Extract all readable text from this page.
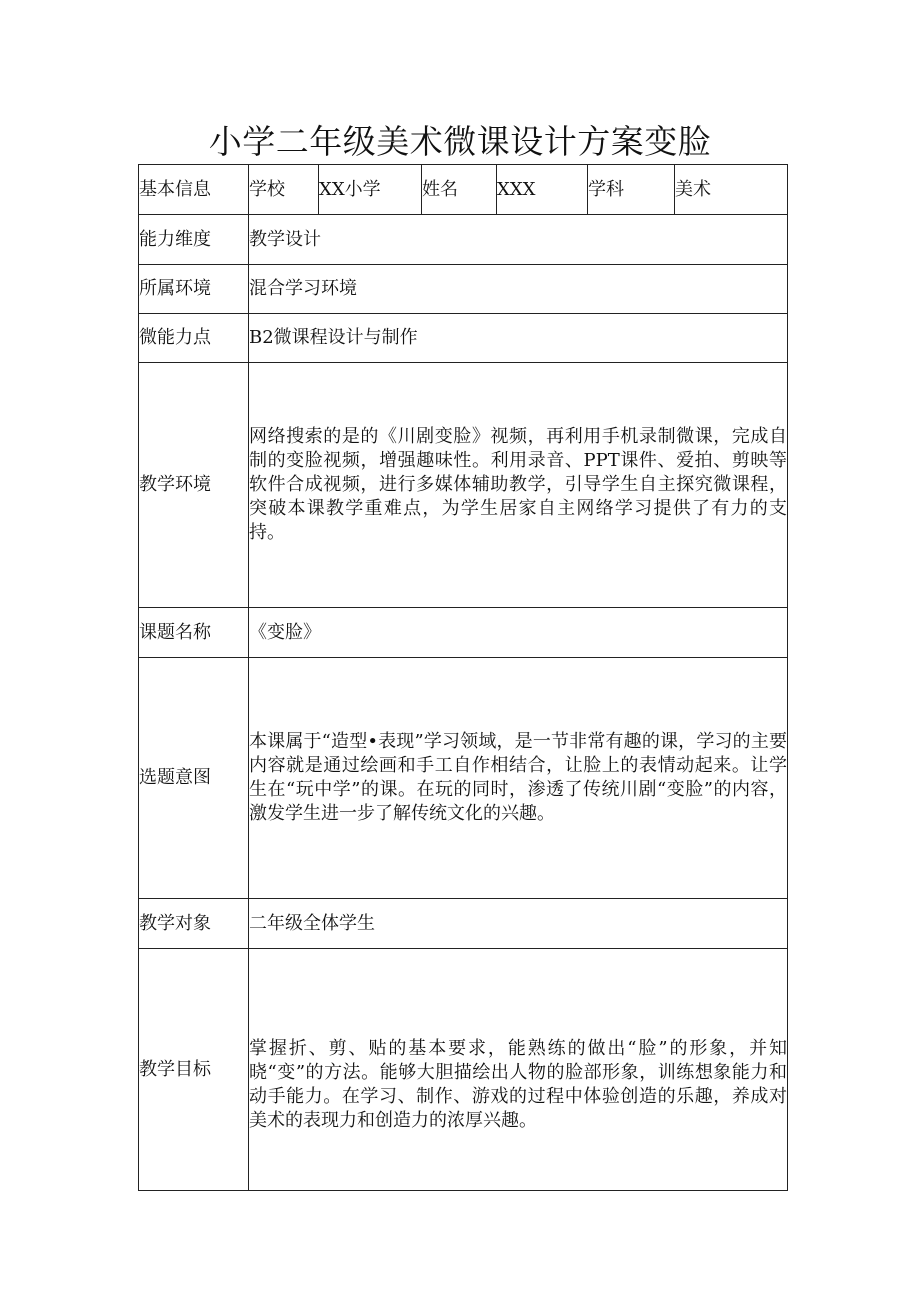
小学二年级美术微课设计方案变脸
基本信息	学校	XX小学	姓名	XXX	学科	美术
能力维度	教学设计					
所属环境	混合学习环境					
微能力点	B2微课程设计与制作					
教学环境	网络搜索的是的《川剧变脸》视频，再利用手机录制微课，完成自制的变脸视频，增强趣味性。利用录音、PPT课件、爱拍、剪映等软件合成视频，进行多媒体辅助教学，引导学生自主探究微课程，突破本课教学重难点，为学生居家自主网络学习提供了有力的支持。					
课题名称	《变脸》					
选题意图	本课属于“造型•表现”学习领域，是一节非常有趣的课，学习的主要内容就是通过绘画和手工自作相结合，让脸上的表情动起来。让学生在“玩中学”的课。在玩的同时，渗透了传统川剧“变脸”的内容，激发学生进一步了解传统文化的兴趣。					
教学对象	二年级全体学生					
教学目标	掌握折、剪、贴的基本要求，能熟练的做出“脸”的形象，并知晓“变”的方法。能够大胆描绘出人物的脸部形象，训练想象能力和动手能力。在学习、制作、游戏的过程中体验创造的乐趣，养成对美术的表现力和创造力的浓厚兴趣。					
